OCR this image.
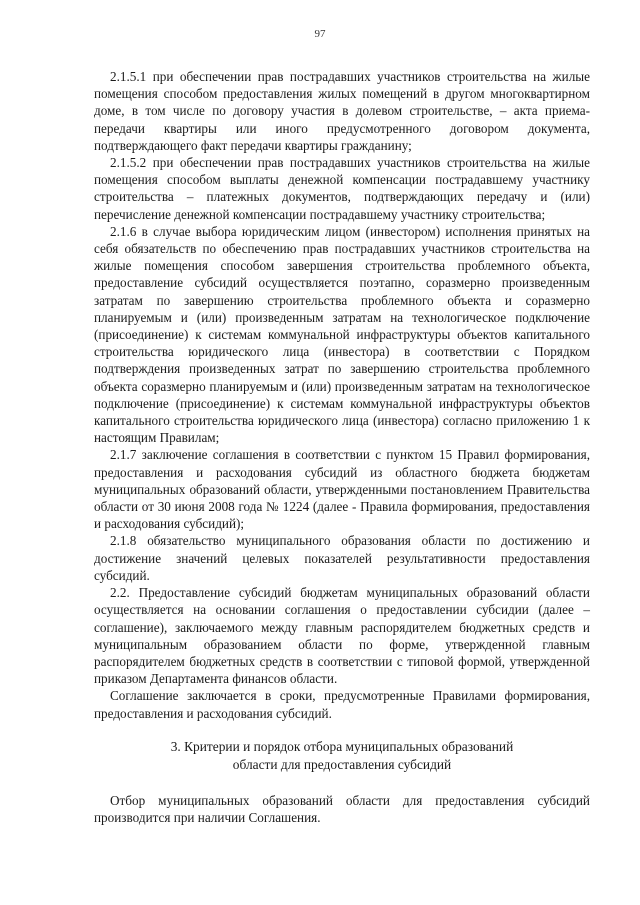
97

2.1.5.1 при обеспечении прав пострадавших участников строительства на жилые помещения способом предоставления жилых помещений в другом многоквартирном доме, в том числе по договору участия в долевом строительстве, – акта приема-передачи квартиры или иного предусмотренного договором документа, подтверждающего факт передачи квартиры гражданину;

2.1.5.2 при обеспечении прав пострадавших участников строительства на жилые помещения способом выплаты денежной компенсации пострадавшему участнику строительства – платежных документов, подтверждающих передачу и (или) перечисление денежной компенсации пострадавшему участнику строительства;

2.1.6 в случае выбора юридическим лицом (инвестором) исполнения принятых на себя обязательств по обеспечению прав пострадавших участников строительства на жилые помещения способом завершения строительства проблемного объекта, предоставление субсидий осуществляется поэтапно, соразмерно произведенным затратам по завершению строительства проблемного объекта и соразмерно планируемым и (или) произведенным затратам на технологическое подключение (присоединение) к системам коммунальной инфраструктуры объектов капитального строительства юридического лица (инвестора) в соответствии с Порядком подтверждения произведенных затрат по завершению строительства проблемного объекта соразмерно планируемым и (или) произведенным затратам на технологическое подключение (присоединение) к системам коммунальной инфраструктуры объектов капитального строительства юридического лица (инвестора) согласно приложению 1 к настоящим Правилам;

2.1.7 заключение соглашения в соответствии с пунктом 15 Правил формирования, предоставления и расходования субсидий из областного бюджета бюджетам муниципальных образований области, утвержденными постановлением Правительства области от 30 июня 2008 года № 1224 (далее - Правила формирования, предоставления и расходования субсидий);

2.1.8 обязательство муниципального образования области по достижению и достижение значений целевых показателей результативности предоставления субсидий.

2.2. Предоставление субсидий бюджетам муниципальных образований области осуществляется на основании соглашения о предоставлении субсидии (далее – соглашение), заключаемого между главным распорядителем бюджетных средств и муниципальным образованием области по форме, утвержденной главным распорядителем бюджетных средств в соответствии с типовой формой, утвержденной приказом Департамента финансов области.

Соглашение заключается в сроки, предусмотренные Правилами формирования, предоставления и расходования субсидий.

3. Критерии и порядок отбора муниципальных образований
области для предоставления субсидий

Отбор муниципальных образований области для предоставления субсидий производится при наличии Соглашения.
